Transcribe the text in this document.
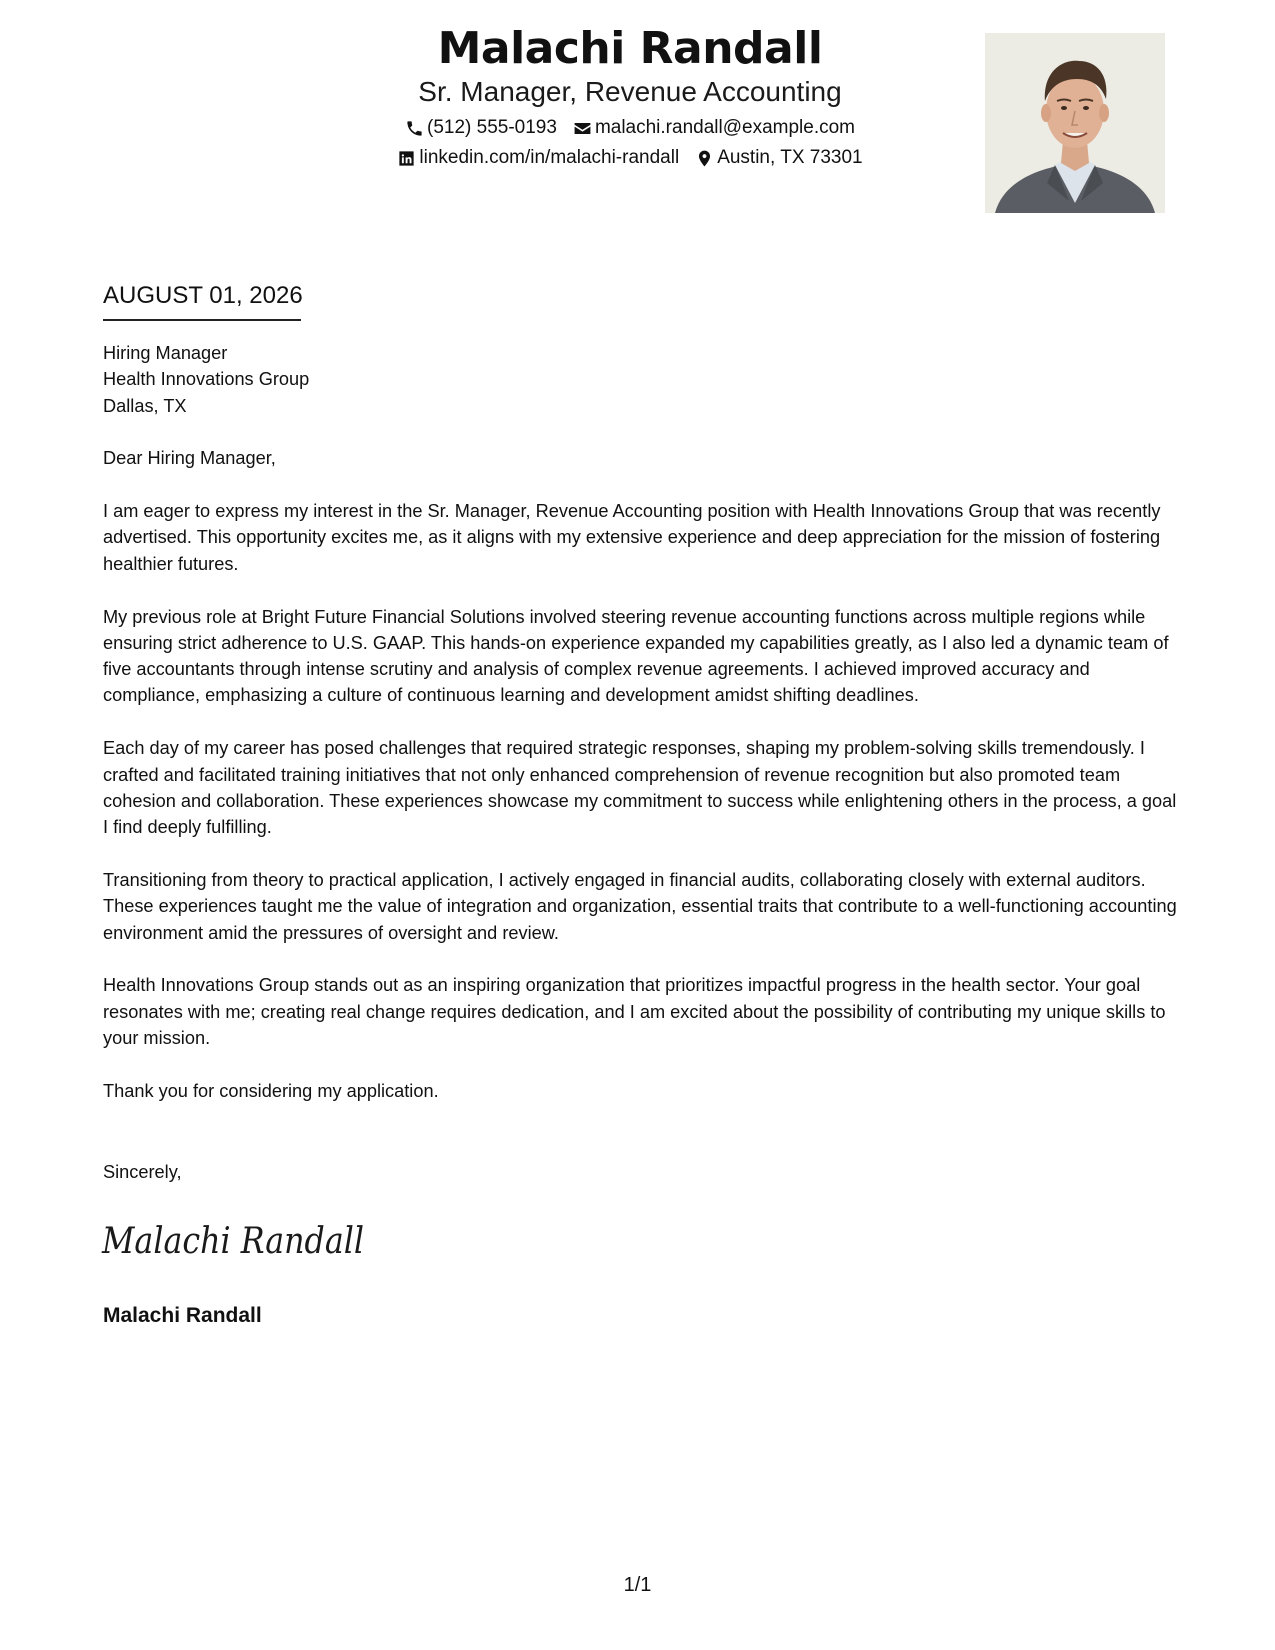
Malachi Randall
Sr. Manager, Revenue Accounting
(512) 555-0193 malachi.randall@example.com
linkedin.com/in/malachi-randall Austin, TX 73301
AUGUST 01, 2026

Hiring Manager
Health Innovations Group
Dallas, TX

Dear Hiring Manager,

I am eager to express my interest in the Sr. Manager, Revenue Accounting position with Health Innovations Group that was recently advertised. This opportunity excites me, as it aligns with my extensive experience and deep appreciation for the mission of fostering healthier futures.

My previous role at Bright Future Financial Solutions involved steering revenue accounting functions across multiple regions while ensuring strict adherence to U.S. GAAP. This hands-on experience expanded my capabilities greatly, as I also led a dynamic team of five accountants through intense scrutiny and analysis of complex revenue agreements. I achieved improved accuracy and compliance, emphasizing a culture of continuous learning and development amidst shifting deadlines.

Each day of my career has posed challenges that required strategic responses, shaping my problem-solving skills tremendously. I crafted and facilitated training initiatives that not only enhanced comprehension of revenue recognition but also promoted team cohesion and collaboration. These experiences showcase my commitment to success while enlightening others in the process, a goal I find deeply fulfilling.

Transitioning from theory to practical application, I actively engaged in financial audits, collaborating closely with external auditors. These experiences taught me the value of integration and organization, essential traits that contribute to a well-functioning accounting environment amid the pressures of oversight and review.

Health Innovations Group stands out as an inspiring organization that prioritizes impactful progress in the health sector. Your goal resonates with me; creating real change requires dedication, and I am excited about the possibility of contributing my unique skills to your mission.

Thank you for considering my application.

Sincerely,
Malachi Randall
Malachi Randall
1/1
